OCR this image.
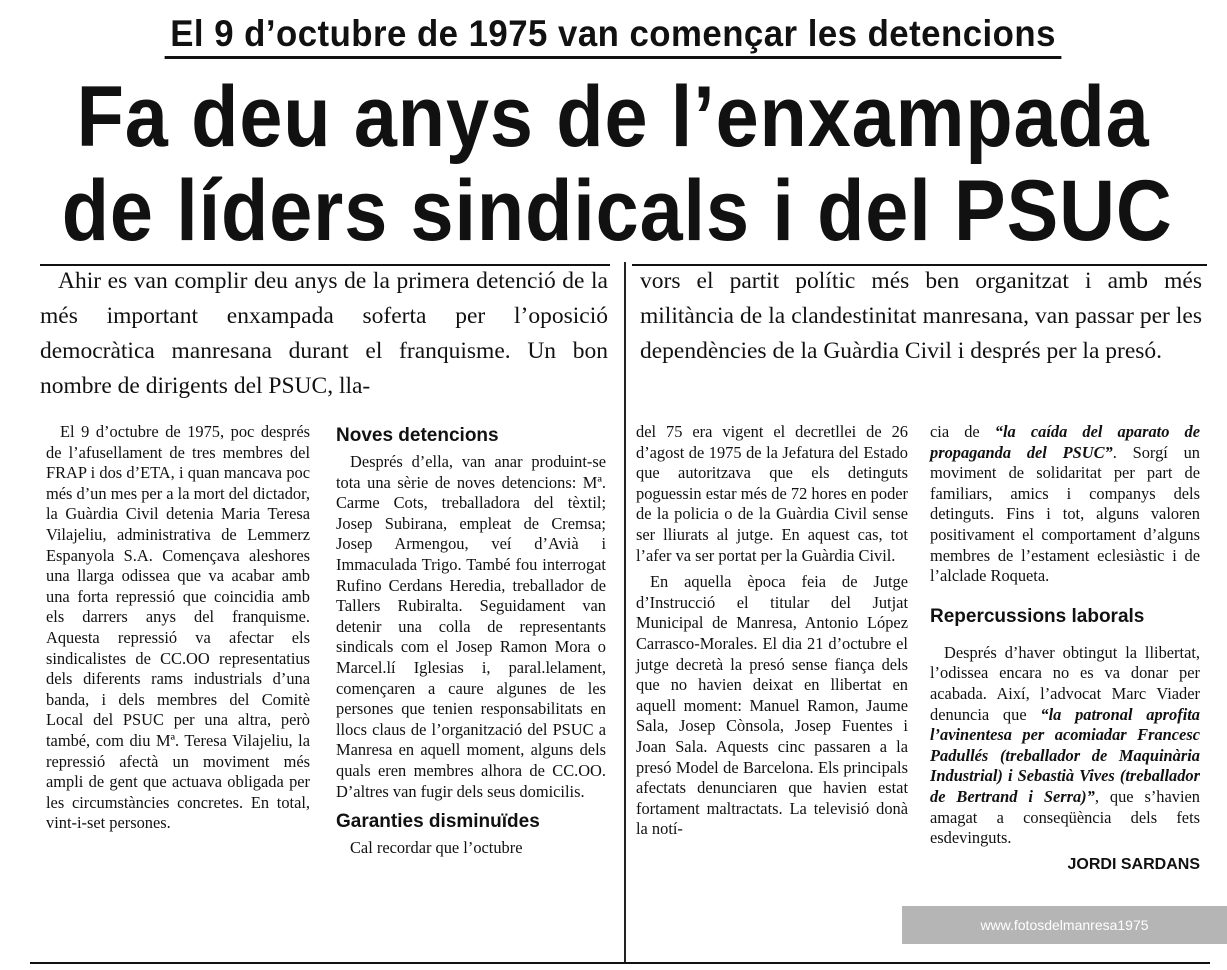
El 9 d’octubre de 1975 van començar les detencions
Fa deu anys de l’enxampada
de líders sindicals i del PSUC

Ahir es van complir deu anys de la primera detenció de la més important enxampada soferta per l’oposició democràtica manresana durant el franquisme. Un bon nombre de dirigents del PSUC, lla-

vors el partit polític més ben organitzat i amb més militància de la clandestinitat manresana, van passar per les dependències de la Guàrdia Civil i després per la presó.

El 9 d’octubre de 1975, poc després de l’afusellament de tres membres del FRAP i dos d’ETA, i quan mancava poc més d’un mes per a la mort del dictador, la Guàrdia Civil detenia Maria Teresa Vilajeliu, administrativa de Lemmerz Espanyola S.A. Començava aleshores una llarga odissea que va acabar amb una forta repressió que coincidia amb els darrers anys del franquisme. Aquesta repressió va afectar els sindicalistes de CC.OO representatius dels diferents rams industrials d’una banda, i dels membres del Comitè Local del PSUC per una altra, però també, com diu Mª. Teresa Vilajeliu, la repressió afectà un moviment més ampli de gent que actuava obligada per les circumstàncies concretes. En total, vint-i-set persones.

Noves detencions

Després d’ella, van anar produint-se tota una sèrie de noves detencions: Mª. Carme Cots, treballadora del tèxtil; Josep Subirana, empleat de Cremsa; Josep Armengou, veí d’Avià i Immaculada Trigo. També fou interrogat Rufino Cerdans Heredia, treballador de Tallers Rubiralta. Seguidament van detenir una colla de representants sindicals com el Josep Ramon Mora o Marcel.lí Iglesias i, paral.lelament, començaren a caure algunes de les persones que tenien responsabilitats en llocs claus de l’organització del PSUC a Manresa en aquell moment, alguns dels quals eren membres alhora de CC.OO. D’altres van fugir dels seus domicilis.

Garanties disminuïdes

Cal recordar que l’octubre

del 75 era vigent el decretllei de 26 d’agost de 1975 de la Jefatura del Estado que autoritzava que els detinguts poguessin estar més de 72 hores en poder de la policia o de la Guàrdia Civil sense ser lliurats al jutge. En aquest cas, tot l’afer va ser portat per la Guàrdia Civil.

En aquella època feia de Jutge d’Instrucció el titular del Jutjat Municipal de Manresa, Antonio López Carrasco-Morales. El dia 21 d’octubre el jutge decretà la presó sense fiança dels que no havien deixat en llibertat en aquell moment: Manuel Ramon, Jaume Sala, Josep Cònsola, Josep Fuentes i Joan Sala. Aquests cinc passaren a la presó Model de Barcelona. Els principals afectats denunciaren que havien estat fortament maltractats. La televisió donà la notí-

cia de “la caída del aparato de propaganda del PSUC”. Sorgí un moviment de solidaritat per part de familiars, amics i companys dels detinguts. Fins i tot, alguns valoren positivament el comportament d’alguns membres de l’estament eclesiàstic i de l’alclade Roqueta.

Repercussions laborals

Després d’haver obtingut la llibertat, l’odissea encara no es va donar per acabada. Així, l’advocat Marc Viader denuncia que “la patronal aprofita l’avinentesa per acomiadar Francesc Padullés (treballador de Maquinària Industrial) i Sebastià Vives (treballador de Bertrand i Serra)”, que s’havien amagat a conseqüència dels fets esdevinguts.

JORDI SARDANS
www.fotosdelmanresa1975
